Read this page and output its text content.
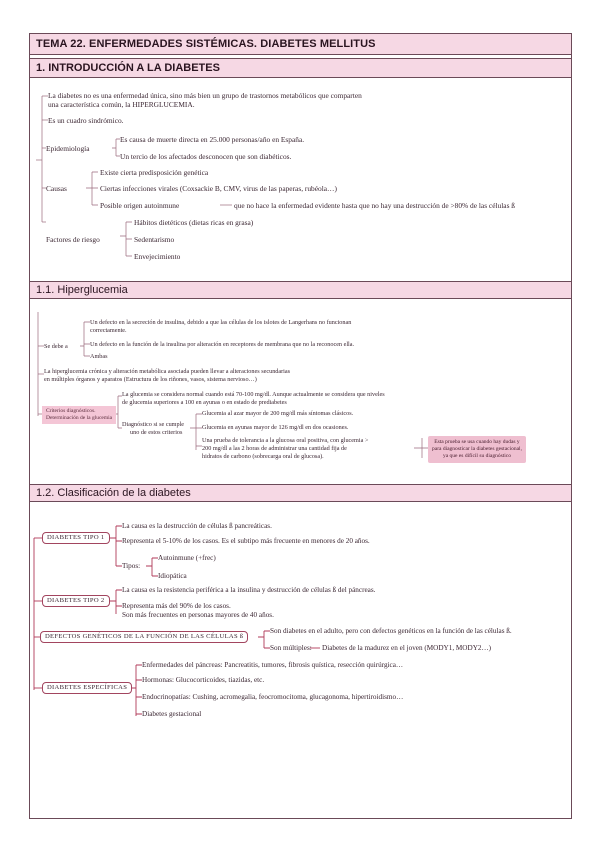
TEMA 22. ENFERMEDADES SISTÉMICAS. DIABETES MELLITUS
1. INTRODUCCIÓN A LA DIABETES
1.1. Hiperglucemia
1.2. Clasificación de la diabetes
La diabetes no es una enfermedad única, sino más bien un grupo de trastornos metabólicos que comparten
una característica común, la HIPERGLUCEMIA.
Es un cuadro sindrómico.
Epidemiología
Es causa de muerte directa en 25.000 personas/año en España.
Un tercio de los afectados desconocen que son diabéticos.
Causas
Existe cierta predisposición genética
Ciertas infecciones virales (Coxsackie B, CMV, virus de las paperas, rubéola…)
Posible origen autoinmune	que no hace la enfermedad evidente hasta que no hay una destrucción de >80% de las células ß
Factores de riesgo
Hábitos dietéticos (dietas ricas en grasa)
Sedentarismo
Envejecimiento
Se debe a
Un defecto en la secreción de insulina, debido a que las células de los islotes de Langerhans no funcionan
correctamente.
Un defecto en la función de la insulina por alteración en receptores de membrana que no la reconocen ella.
Ambas
La hiperglucemia crónica y alteración metabólica asociada pueden llevar a alteraciones secundarias
en múltiples órganos y aparatos (Estructura de los riñones, vasos, sistema nervioso…)
Criterios diagnósticos.
Determinación de la glucemia
La glucemia se considera normal cuando está 70-100 mg/dl. Aunque actualmente se considera que niveles
de glucemia superiores a 100 en ayunas o en estado de prediabetes
Diagnóstico si se cumple
uno de estos criterios
Glucemia al azar mayor de 200 mg/dl más síntomas clásicos.
Glucemia en ayunas mayor de 126 mg/dl en dos ocasiones.
Una prueba de tolerancia a la glucosa oral positiva, con glucemia >
200 mg/dl a las 2 horas de administrar una cantidad fija de
hidratos de carbono (sobrecarga oral de glucosa).
Esta prueba se usa cuando hay dudas y
para diagnosticar la diabetes gestacional,
ya que es difícil su diagnóstico
DIABETES TIPO 1
La causa es la destrucción de células ß pancreáticas.
Representa el 5-10% de los casos. Es el subtipo más frecuente en menores de 20 años.
Tipos:
Autoinmune (+frec)
Idiopática
DIABETES TIPO 2
La causa es la resistencia periférica a la insulina y destrucción de células ß del páncreas.
Representa más del 90% de los casos.
Son más frecuentes en personas mayores de 40 años.
DEFECTOS GENÉTICOS DE LA FUNCIÓN DE LAS CÉLULAS ß
Son diabetes en el adulto, pero con defectos genéticos en la función de las células ß.
Son múltiples: Diabetes de la madurez en el joven (MODY1, MODY2…)
DIABETES ESPECÍFICAS
Enfermedades del páncreas: Pancreatitis, tumores, fibrosis quística, resección quirúrgica…
Hormonas: Glucocorticoides, tiazidas, etc.
Endocrinopatías: Cushing, acromegalia, feocromocitoma, glucagonoma, hipertiroidismo…
Diabetes gestacional
